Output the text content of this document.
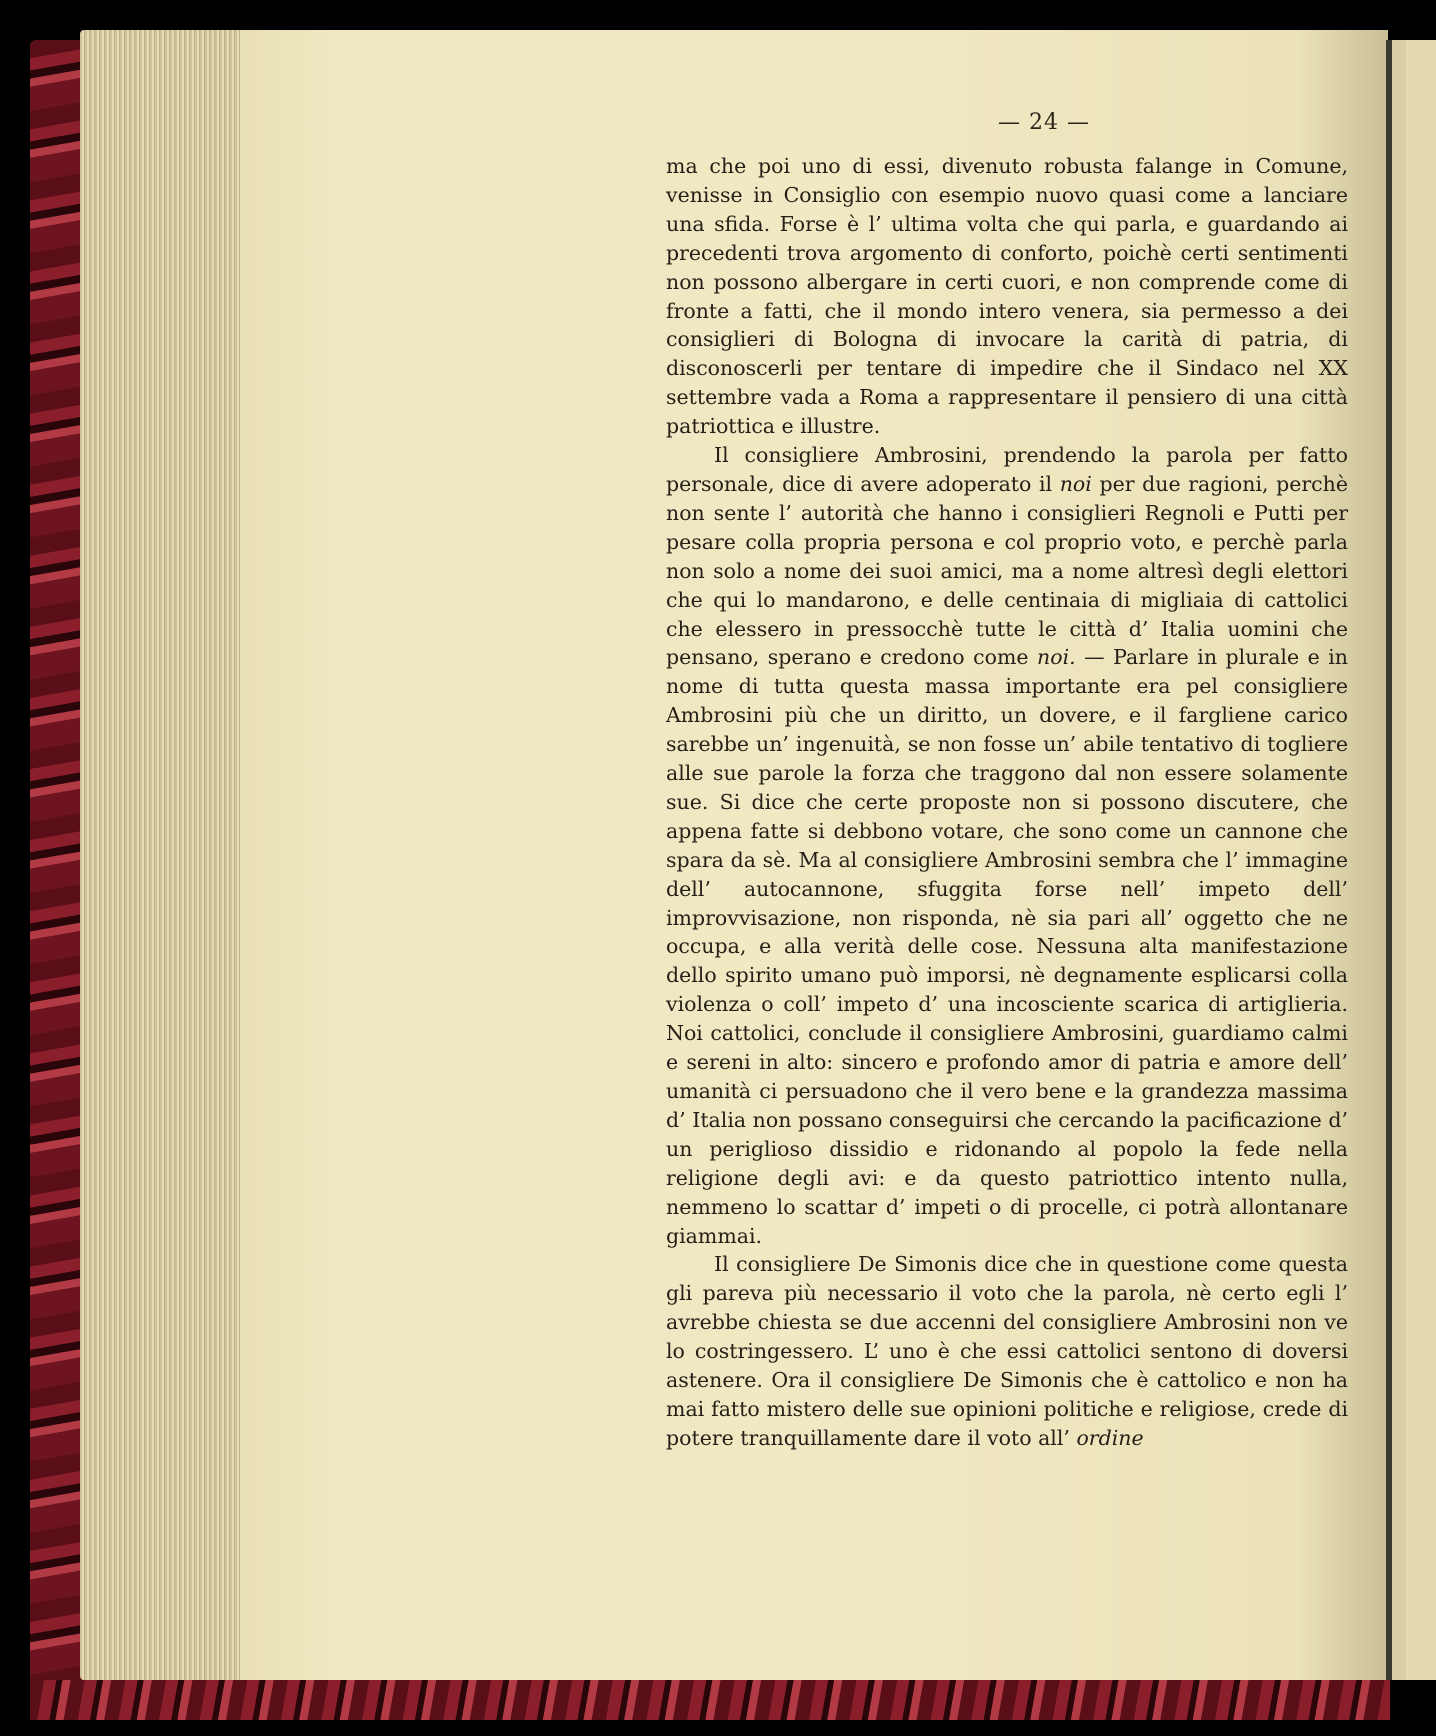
— 24 —

ma che poi uno di essi, divenuto robusta falange in Comune, venisse in Consiglio con esempio nuovo quasi come a lanciare una sfida. Forse è l’ ultima volta che qui parla, e guardando ai precedenti trova argomento di conforto, poichè certi sentimenti non possono albergare in certi cuori, e non comprende come di fronte a fatti, che il mondo intero venera, sia permesso a dei consiglieri di Bologna di invocare la carità di patria, di disconoscerli per tentare di impedire che il Sindaco nel XX settembre vada a Roma a rappresentare il pensiero di una città patriottica e illustre.

Il consigliere Ambrosini, prendendo la parola per fatto personale, dice di avere adoperato il noi per due ragioni, perchè non sente l’ autorità che hanno i consiglieri Regnoli e Putti per pesare colla propria persona e col proprio voto, e perchè parla non solo a nome dei suoi amici, ma a nome altresì degli elettori che qui lo mandarono, e delle centinaia di migliaia di cattolici che elessero in pressocchè tutte le città d’ Italia uomini che pensano, sperano e credono come noi. — Parlare in plurale e in nome di tutta questa massa importante era pel consigliere Ambrosini più che un diritto, un dovere, e il fargliene carico sarebbe un’ ingenuità, se non fosse un’ abile tentativo di togliere alle sue parole la forza che traggono dal non essere solamente sue. Si dice che certe proposte non si possono discutere, che appena fatte si debbono votare, che sono come un cannone che spara da sè. Ma al consigliere Ambrosini sembra che l’ immagine dell’ autocannone, sfuggita forse nell’ impeto dell’ improvvisazione, non risponda, nè sia pari all’ oggetto che ne occupa, e alla verità delle cose. Nessuna alta manifestazione dello spirito umano può imporsi, nè degnamente esplicarsi colla violenza o coll’ impeto d’ una incosciente scarica di artiglieria. Noi cattolici, conclude il consigliere Ambrosini, guardiamo calmi e sereni in alto: sincero e profondo amor di patria e amore dell’ umanità ci persuadono che il vero bene e la grandezza massima d’ Italia non possano conseguirsi che cercando la pacificazione d’ un periglioso dissidio e ridonando al popolo la fede nella religione degli avi: e da questo patriottico intento nulla, nemmeno lo scattar d’ impeti o di procelle, ci potrà allontanare giammai.

Il consigliere De Simonis dice che in questione come questa gli pareva più necessario il voto che la parola, nè certo egli l’ avrebbe chiesta se due accenni del consigliere Ambrosini non ve lo costringessero. L’ uno è che essi cattolici sentono di doversi astenere. Ora il consigliere De Simonis che è cattolico e non ha mai fatto mistero delle sue opinioni politiche e religiose, crede di potere tranquillamente dare il voto all’ ordine
